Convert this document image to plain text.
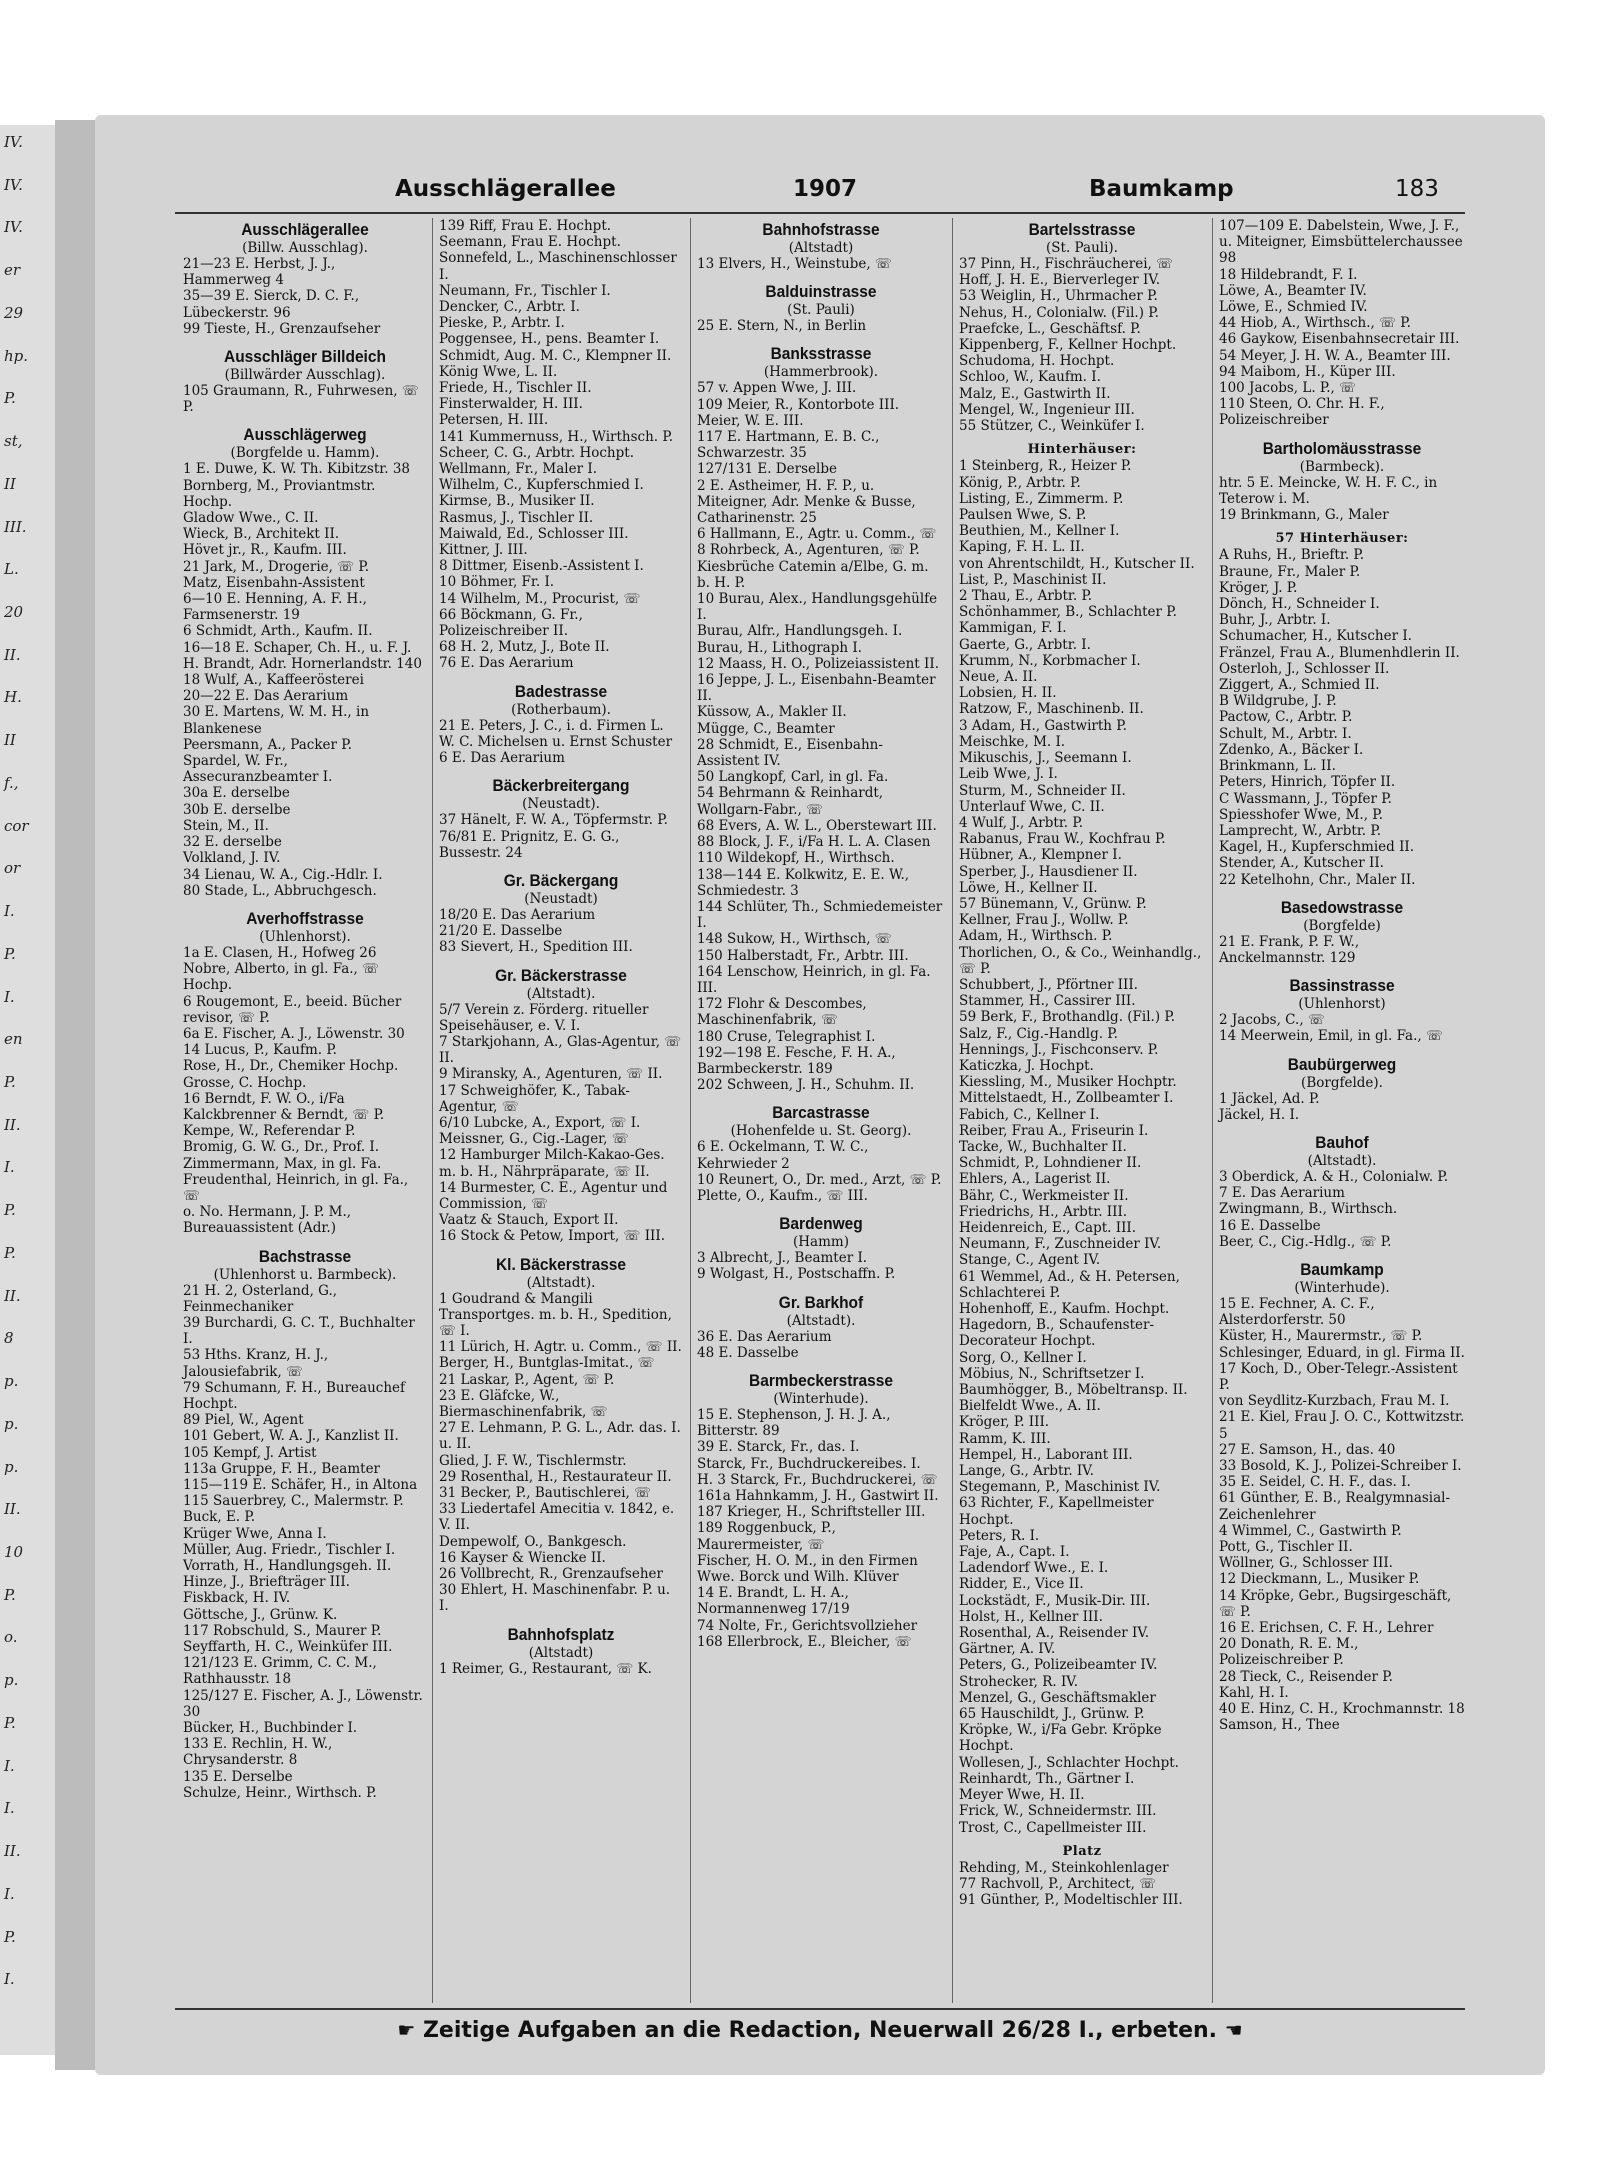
IV.
IV.
IV.
er
29
hp.
P.
st,
II
III.
L.
20
II.
H.
II
f.,
cor
or
I.
P.
I.
en
P.
II.
I.
P.
P.
II.
8
p.
p.
p.
II.
10
P.
o.
p.
P.
I.
I.
II.
I.
P.
I.
Ausschlägerallee	1907	Baumkamp	183
Ausschlägerallee
(Billw. Ausschlag).
21—23 E. Herbst, J. J., Hammerweg 4
35—39 E. Sierck, D. C. F., Lübeckerstr. 96
99 Tieste, H., Grenzaufseher
Ausschläger Billdeich
(Billwärder Ausschlag).
105 Graumann, R., Fuhrwesen, ☏ P.
Ausschlägerweg
(Borgfelde u. Hamm).
1 E. Duwe, K. W. Th. Kibitzstr. 38
Bornberg, M., Proviantmstr. Hochp.
Gladow Wwe., C. II.
Wieck, B., Architekt II.
Hövet jr., R., Kaufm. III.
21 Jark, M., Drogerie, ☏ P.
Matz, Eisenbahn-Assistent
6—10 E. Henning, A. F. H., Farmsenerstr. 19
6 Schmidt, Arth., Kaufm. II.
16—18 E. Schaper, Ch. H., u. F. J. H. Brandt, Adr. Hornerlandstr. 140
18 Wulf, A., Kaffeerösterei
20—22 E. Das Aerarium
30 E. Martens, W. M. H., in Blankenese
Peersmann, A., Packer P.
Spardel, W. Fr., Assecuranzbeamter I.
30a E. derselbe
30b E. derselbe
Stein, M., II.
32 E. derselbe
Volkland, J. IV.
34 Lienau, W. A., Cig.-Hdlr. I.
80 Stade, L., Abbruchgesch.
Averhoffstrasse
(Uhlenhorst).
1a E. Clasen, H., Hofweg 26
Nobre, Alberto, in gl. Fa., ☏ Hochp.
6 Rougemont, E., beeid. Bücher revisor, ☏ P.
6a E. Fischer, A. J., Löwenstr. 30
14 Lucus, P., Kaufm. P.
Rose, H., Dr., Chemiker Hochp.
Grosse, C. Hochp.
16 Berndt, F. W. O., i/Fa Kalckbrenner & Berndt, ☏ P.
Kempe, W., Referendar P.
Bromig, G. W. G., Dr., Prof. I.
Zimmermann, Max, in gl. Fa.
Freudenthal, Heinrich, in gl. Fa., ☏
o. No. Hermann, J. P. M., Bureauassistent (Adr.)
Bachstrasse
(Uhlenhorst u. Barmbeck).
21 H. 2, Osterland, G., Feinmechaniker
39 Burchardi, G. C. T., Buchhalter I.
53 Hths. Kranz, H. J., Jalousiefabrik, ☏
79 Schumann, F. H., Bureauchef Hochpt.
89 Piel, W., Agent
101 Gebert, W. A. J., Kanzlist II.
105 Kempf, J. Artist
113a Gruppe, F. H., Beamter
115—119 E. Schäfer, H., in Altona
115 Sauerbrey, C., Malermstr. P.
Buck, E. P.
Krüger Wwe, Anna I.
Müller, Aug. Friedr., Tischler I.
Vorrath, H., Handlungsgeh. II.
Hinze, J., Briefträger III.
Fiskback, H. IV.
Göttsche, J., Grünw. K.
117 Robschuld, S., Maurer P.
Seyffarth, H. C., Weinküfer III.
121/123 E. Grimm, C. C. M., Rathhausstr. 18
125/127 E. Fischer, A. J., Löwenstr. 30
Bücker, H., Buchbinder I.
133 E. Rechlin, H. W., Chrysanderstr. 8
135 E. Derselbe
Schulze, Heinr., Wirthsch. P.
139 Riff, Frau E. Hochpt.
Seemann, Frau E. Hochpt.
Sonnefeld, L., Maschinenschlosser I.
Neumann, Fr., Tischler I.
Dencker, C., Arbtr. I.
Pieske, P., Arbtr. I.
Poggensee, H., pens. Beamter I.
Schmidt, Aug. M. C., Klempner II.
König Wwe, L. II.
Friede, H., Tischler II.
Finsterwalder, H. III.
Petersen, H. III.
141 Kummernuss, H., Wirthsch. P.
Scheer, C. G., Arbtr. Hochpt.
Wellmann, Fr., Maler I.
Wilhelm, C., Kupferschmied I.
Kirmse, B., Musiker II.
Rasmus, J., Tischler II.
Maiwald, Ed., Schlosser III.
Kittner, J. III.
8 Dittmer, Eisenb.-Assistent I.
10 Böhmer, Fr. I.
14 Wilhelm, M., Procurist, ☏
66 Böckmann, G. Fr., Polizeischreiber II.
68 H. 2, Mutz, J., Bote II.
76 E. Das Aerarium
Badestrasse
(Rotherbaum).
21 E. Peters, J. C., i. d. Firmen L. W. C. Michelsen u. Ernst Schuster
6 E. Das Aerarium
Bäckerbreitergang
(Neustadt).
37 Hänelt, F. W. A., Töpfermstr. P.
76/81 E. Prignitz, E. G. G., Bussestr. 24
Gr. Bäckergang
(Neustadt)
18/20 E. Das Aerarium
21/20 E. Dasselbe
83 Sievert, H., Spedition III.
Gr. Bäckerstrasse
(Altstadt).
5/7 Verein z. Förderg. ritueller Speisehäuser, e. V. I.
7 Starkjohann, A., Glas-Agentur, ☏ II.
9 Miransky, A., Agenturen, ☏ II.
17 Schweighöfer, K., Tabak-Agentur, ☏
6/10 Lubcke, A., Export, ☏ I.
Meissner, G., Cig.-Lager, ☏
12 Hamburger Milch-Kakao-Ges. m. b. H., Nährpräparate, ☏ II.
14 Burmester, C. E., Agentur und Commission, ☏
Vaatz & Stauch, Export II.
16 Stock & Petow, Import, ☏ III.
Kl. Bäckerstrasse
(Altstadt).
1 Goudrand & Mangili Transportges. m. b. H., Spedition, ☏ I.
11 Lürich, H. Agtr. u. Comm., ☏ II.
Berger, H., Buntglas-Imitat., ☏
21 Laskar, P., Agent, ☏ P.
23 E. Gläfcke, W., Biermaschinenfabrik, ☏
27 E. Lehmann, P. G. L., Adr. das. I. u. II.
Glied, J. F. W., Tischlermstr.
29 Rosenthal, H., Restaurateur II.
31 Becker, P., Bautischlerei, ☏
33 Liedertafel Amecitia v. 1842, e. V. II.
Dempewolf, O., Bankgesch.
16 Kayser & Wiencke II.
26 Vollbrecht, R., Grenzaufseher
30 Ehlert, H. Maschinenfabr. P. u. I.
Bahnhofsplatz
(Altstadt)
1 Reimer, G., Restaurant, ☏ K.
Bahnhofstrasse
(Altstadt)
13 Elvers, H., Weinstube, ☏
Balduinstrasse
(St. Pauli)
25 E. Stern, N., in Berlin
Banksstrasse
(Hammerbrook).
57 v. Appen Wwe, J. III.
109 Meier, R., Kontorbote III.
Meier, W. E. III.
117 E. Hartmann, E. B. C., Schwarzestr. 35
127/131 E. Derselbe
2 E. Astheimer, H. F. P., u. Miteigner, Adr. Menke & Busse, Catharinenstr. 25
6 Hallmann, E., Agtr. u. Comm., ☏
8 Rohrbeck, A., Agenturen, ☏ P.
Kiesbrüche Catemin a/Elbe, G. m. b. H. P.
10 Burau, Alex., Handlungsgehülfe I.
Burau, Alfr., Handlungsgeh. I.
Burau, H., Lithograph I.
12 Maass, H. O., Polizeiassistent II.
16 Jeppe, J. L., Eisenbahn-Beamter II.
Küssow, A., Makler II.
Mügge, C., Beamter
28 Schmidt, E., Eisenbahn-Assistent IV.
50 Langkopf, Carl, in gl. Fa.
54 Behrmann & Reinhardt, Wollgarn-Fabr., ☏
68 Evers, A. W. L., Oberstewart III.
88 Block, J. F., i/Fa H. L. A. Clasen
110 Wildekopf, H., Wirthsch.
138—144 E. Kolkwitz, E. E. W., Schmiedestr. 3
144 Schlüter, Th., Schmiedemeister I.
148 Sukow, H., Wirthsch, ☏
150 Halberstadt, Fr., Arbtr. III.
164 Lenschow, Heinrich, in gl. Fa. III.
172 Flohr & Descombes, Maschinenfabrik, ☏
180 Cruse, Telegraphist I.
192—198 E. Fesche, F. H. A., Barmbeckerstr. 189
202 Schween, J. H., Schuhm. II.
Barcastrasse
(Hohenfelde u. St. Georg).
6 E. Ockelmann, T. W. C., Kehrwieder 2
10 Reunert, O., Dr. med., Arzt, ☏ P.
Plette, O., Kaufm., ☏ III.
Bardenweg
(Hamm)
3 Albrecht, J., Beamter I.
9 Wolgast, H., Postschaffn. P.
Gr. Barkhof
(Altstadt).
36 E. Das Aerarium
48 E. Dasselbe
Barmbeckerstrasse
(Winterhude).
15 E. Stephenson, J. H. J. A., Bitterstr. 89
39 E. Starck, Fr., das. I.
Starck, Fr., Buchdruckereibes. I.
H. 3 Starck, Fr., Buchdruckerei, ☏
161a Hahnkamm, J. H., Gastwirt II.
187 Krieger, H., Schriftsteller III.
189 Roggenbuck, P., Maurermeister, ☏
Fischer, H. O. M., in den Firmen Wwe. Borck und Wilh. Klüver
14 E. Brandt, L. H. A., Normannenweg 17/19
74 Nolte, Fr., Gerichtsvollzieher
168 Ellerbrock, E., Bleicher, ☏
Bartelsstrasse
(St. Pauli).
37 Pinn, H., Fischräucherei, ☏
Hoff, J. H. E., Bierverleger IV.
53 Weiglin, H., Uhrmacher P.
Nehus, H., Colonialw. (Fil.) P.
Praefcke, L., Geschäftsf. P.
Kippenberg, F., Kellner Hochpt.
Schudoma, H. Hochpt.
Schloo, W., Kaufm. I.
Malz, E., Gastwirth II.
Mengel, W., Ingenieur III.
55 Stützer, C., Weinküfer I.
Hinterhäuser:
1 Steinberg, R., Heizer P.
König, P., Arbtr. P.
Listing, E., Zimmerm. P.
Paulsen Wwe, S. P.
Beuthien, M., Kellner I.
Kaping, F. H. L. II.
von Ahrentschildt, H., Kutscher II.
List, P., Maschinist II.
2 Thau, E., Arbtr. P.
Schönhammer, B., Schlachter P.
Kammigan, F. I.
Gaerte, G., Arbtr. I.
Krumm, N., Korbmacher I.
Neue, A. II.
Lobsien, H. II.
Ratzow, F., Maschinenb. II.
3 Adam, H., Gastwirth P.
Meischke, M. I.
Mikuschis, J., Seemann I.
Leib Wwe, J. I.
Sturm, M., Schneider II.
Unterlauf Wwe, C. II.
4 Wulf, J., Arbtr. P.
Rabanus, Frau W., Kochfrau P.
Hübner, A., Klempner I.
Sperber, J., Hausdiener II.
Löwe, H., Kellner II.
57 Bünemann, V., Grünw. P.
Kellner, Frau J., Wollw. P.
Adam, H., Wirthsch. P.
Thorlichen, O., & Co., Weinhandlg., ☏ P.
Schubbert, J., Pförtner III.
Stammer, H., Cassirer III.
59 Berk, F., Brothandlg. (Fil.) P.
Salz, F., Cig.-Handlg. P.
Hennings, J., Fischconserv. P.
Katiczka, J. Hochpt.
Kiessling, M., Musiker Hochptr.
Mittelstaedt, H., Zollbeamter I.
Fabich, C., Kellner I.
Reiber, Frau A., Friseurin I.
Tacke, W., Buchhalter II.
Schmidt, P., Lohndiener II.
Ehlers, A., Lagerist II.
Bähr, C., Werkmeister II.
Friedrichs, H., Arbtr. III.
Heidenreich, E., Capt. III.
Neumann, F., Zuschneider IV.
Stange, C., Agent IV.
61 Wemmel, Ad., & H. Petersen, Schlachterei P.
Hohenhoff, E., Kaufm. Hochpt.
Hagedorn, B., Schaufenster-Decorateur Hochpt.
Sorg, O., Kellner I.
Möbius, N., Schriftsetzer I.
Baumhögger, B., Möbeltransp. II.
Bielfeldt Wwe., A. II.
Kröger, P. III.
Ramm, K. III.
Hempel, H., Laborant III.
Lange, G., Arbtr. IV.
Stegemann, P., Maschinist IV.
63 Richter, F., Kapellmeister Hochpt.
Peters, R. I.
Faje, A., Capt. I.
Ladendorf Wwe., E. I.
Ridder, E., Vice II.
Lockstädt, F., Musik-Dir. III.
Holst, H., Kellner III.
Rosenthal, A., Reisender IV.
Gärtner, A. IV.
Peters, G., Polizeibeamter IV.
Strohecker, R. IV.
Menzel, G., Geschäftsmakler
65 Hauschildt, J., Grünw. P.
Kröpke, W., i/Fa Gebr. Kröpke Hochpt.
Wollesen, J., Schlachter Hochpt.
Reinhardt, Th., Gärtner I.
Meyer Wwe, H. II.
Frick, W., Schneidermstr. III.
Trost, C., Capellmeister III.
Platz
Rehding, M., Steinkohlenlager
77 Rachvoll, P., Architect, ☏
91 Günther, P., Modeltischler III.
107—109 E. Dabelstein, Wwe, J. F., u. Miteigner, Eimsbüttelerchaussee 98
18 Hildebrandt, F. I.
Löwe, A., Beamter IV.
Löwe, E., Schmied IV.
44 Hiob, A., Wirthsch., ☏ P.
46 Gaykow, Eisenbahnsecretair III.
54 Meyer, J. H. W. A., Beamter III.
94 Maibom, H., Küper III.
100 Jacobs, L. P., ☏
110 Steen, O. Chr. H. F., Polizeischreiber
Bartholomäusstrasse
(Barmbeck).
htr. 5 E. Meincke, W. H. F. C., in Teterow i. M.
19 Brinkmann, G., Maler
57 Hinterhäuser:
A Ruhs, H., Brieftr. P.
Braune, Fr., Maler P.
Kröger, J. P.
Dönch, H., Schneider I.
Buhr, J., Arbtr. I.
Schumacher, H., Kutscher I.
Fränzel, Frau A., Blumenhdlerin II.
Osterloh, J., Schlosser II.
Ziggert, A., Schmied II.
B Wildgrube, J. P.
Pactow, C., Arbtr. P.
Schult, M., Arbtr. I.
Zdenko, A., Bäcker I.
Brinkmann, L. II.
Peters, Hinrich, Töpfer II.
C Wassmann, J., Töpfer P.
Spiesshofer Wwe, M., P.
Lamprecht, W., Arbtr. P.
Kagel, H., Kupferschmied II.
Stender, A., Kutscher II.
22 Ketelhohn, Chr., Maler II.
Basedowstrasse
(Borgfelde)
21 E. Frank, P. F. W., Anckelmannstr. 129
Bassinstrasse
(Uhlenhorst)
2 Jacobs, C., ☏
14 Meerwein, Emil, in gl. Fa., ☏
Baubürgerweg
(Borgfelde).
1 Jäckel, Ad. P.
Jäckel, H. I.
Bauhof
(Altstadt).
3 Oberdick, A. & H., Colonialw. P.
7 E. Das Aerarium
Zwingmann, B., Wirthsch.
16 E. Dasselbe
Beer, C., Cig.-Hdlg., ☏ P.
Baumkamp
(Winterhude).
15 E. Fechner, A. C. F., Alsterdorferstr. 50
Küster, H., Maurermstr., ☏ P.
Schlesinger, Eduard, in gl. Firma II.
17 Koch, D., Ober-Telegr.-Assistent P.
von Seydlitz-Kurzbach, Frau M. I.
21 E. Kiel, Frau J. O. C., Kottwitzstr. 5
27 E. Samson, H., das. 40
33 Bosold, K. J., Polizei-Schreiber I.
35 E. Seidel, C. H. F., das. I.
61 Günther, E. B., Realgymnasial-Zeichenlehrer
4 Wimmel, C., Gastwirth P.
Pott, G., Tischler II.
Wöllner, G., Schlosser III.
12 Dieckmann, L., Musiker P.
14 Kröpke, Gebr., Bugsirgeschäft, ☏ P.
16 E. Erichsen, C. F. H., Lehrer
20 Donath, R. E. M., Polizeischreiber P.
28 Tieck, C., Reisender P.
Kahl, H. I.
40 E. Hinz, C. H., Krochmannstr. 18
Samson, H., Thee
☛ Zeitige Aufgaben an die Redaction, Neuerwall 26/28 I., erbeten. ☚
